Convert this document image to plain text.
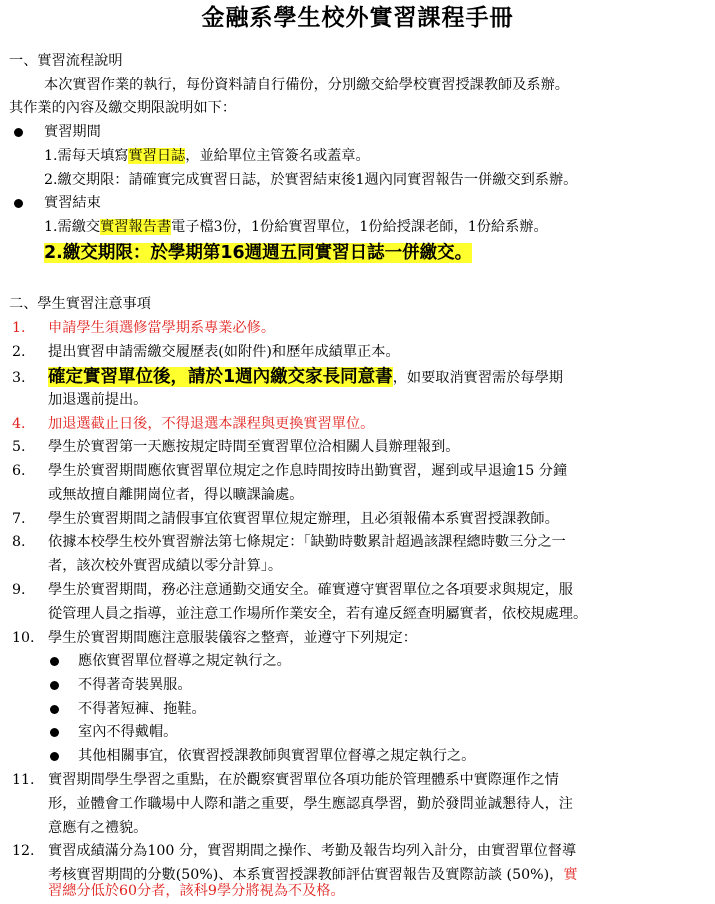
金融系學生校外實習課程手冊
一、實習流程說明
本次實習作業的執行，每份資料請自行備份，分別繳交給學校實習授課教師及系辦。
其作業的內容及繳交期限說明如下：
實習期間
1.需每天填寫實習日誌，並給單位主管簽名或蓋章。
2.繳交期限：請確實完成實習日誌，於實習結束後1週內同實習報告一併繳交到系辦。
實習結束
1.需繳交實習報告書電子檔3份，1份給實習單位，1份給授課老師，1份給系辦。
2.繳交期限：於學期第16週週五同實習日誌一併繳交。
二、學生實習注意事項
1. 申請學生須選修當學期系專業必修。
2. 提出實習申請需繳交履歷表(如附件)和歷年成績單正本。
3. 確定實習單位後，請於1週內繳交家長同意書，如要取消實習需於每學期
加退選前提出。
4. 加退選截止日後，不得退選本課程與更換實習單位。
5. 學生於實習第一天應按規定時間至實習單位洽相關人員辦理報到。
6. 學生於實習期間應依實習單位規定之作息時間按時出勤實習，遲到或早退逾15 分鐘
或無故擅自離開崗位者，得以曠課論處。
7. 學生於實習期間之請假事宜依實習單位規定辦理，且必須報備本系實習授課教師。
8. 依據本校學生校外實習辦法第七條規定：「缺勤時數累計超過該課程總時數三分之一
者，該次校外實習成績以零分計算」。
9. 學生於實習期間，務必注意通勤交通安全。確實遵守實習單位之各項要求與規定，服
從管理人員之指導，並注意工作場所作業安全，若有違反經查明屬實者，依校規處理。
10. 學生於實習期間應注意服裝儀容之整齊，並遵守下列規定：
應依實習單位督導之規定執行之。
不得著奇裝異服。
不得著短褲、拖鞋。
室內不得戴帽。
其他相關事宜，依實習授課教師與實習單位督導之規定執行之。
11. 實習期間學生學習之重點，在於觀察實習單位各項功能於管理體系中實際運作之情
形，並體會工作職場中人際和諧之重要，學生應認真學習，勤於發問並誠懇待人，注
意應有之禮貌。
12. 實習成績滿分為100 分，實習期間之操作、考勤及報告均列入計分，由實習單位督導
考核實習期間的分數(50%)、本系實習授課教師評估實習報告及實際訪談 (50%)，實
習總分低於60分者，該科9學分將視為不及格。
